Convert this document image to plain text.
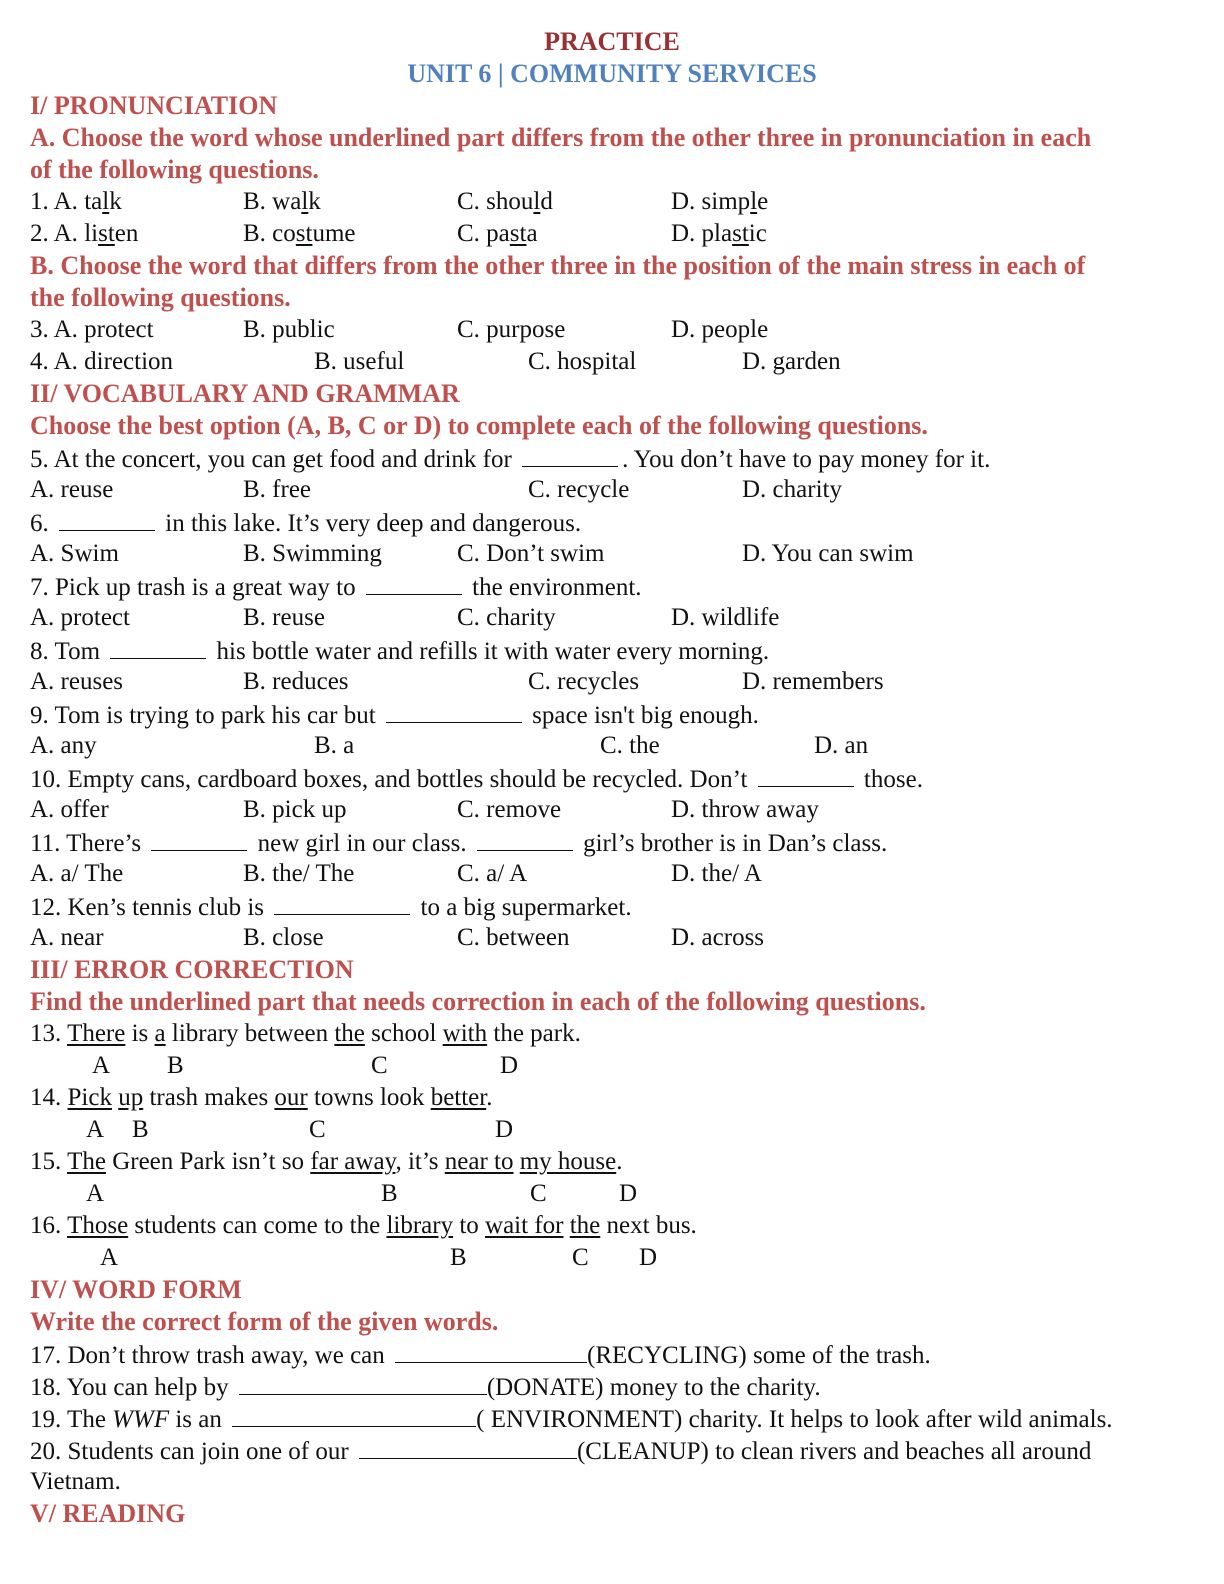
PRACTICE
UNIT 6 | COMMUNITY SERVICES
I/ PRONUNCIATION
A. Choose the word whose underlined part differs from the other three in pronunciation in each
of the following questions.
1. A. talk	B. walk	C. should	D. simple
2. A. listen	B. costume	C. pasta	D. plastic
B. Choose the word that differs from the other three in the position of the main stress in each of
the following questions.
3. A. protect	B. public	C. purpose	D. people
4. A. direction	B. useful	C. hospital	D. garden
II/ VOCABULARY AND GRAMMAR
Choose the best option (A, B, C or D) to complete each of the following questions.
5. At the concert, you can get food and drink for	. You don’t have to pay money for it.
A. reuse	B. free	C. recycle	D. charity
6.	in this lake. It’s very deep and dangerous.
A. Swim	B. Swimming	C. Don’t swim	D. You can swim
7. Pick up trash is a great way to	the environment.
A. protect	B. reuse	C. charity	D. wildlife
8. Tom	his bottle water and refills it with water every morning.
A. reuses	B. reduces	C. recycles	D. remembers
9. Tom is trying to park his car but	space isn't big enough.
A. any	B. a	C. the	D. an
10. Empty cans, cardboard boxes, and bottles should be recycled. Don’t	those.
A. offer	B. pick up	C. remove	D. throw away
11. There’s	new girl in our class.	girl’s brother is in Dan’s class.
A. a/ The	B. the/ The	C. a/ A	D. the/ A
12. Ken’s tennis club is	to a big supermarket.
A. near	B. close	C. between	D. across
III/ ERROR CORRECTION
Find the underlined part that needs correction in each of the following questions.
13. There is a library between the school with the park.
A B	C	D
14. Pick up trash makes our towns look better.
A B	C	D
15. The Green Park isn’t so far away, it’s near to my house.
A	B	C	D
16. Those students can come to the library to wait for the next bus.
A	B	C D
IV/ WORD FORM
Write the correct form of the given words.
17. Don’t throw trash away, we can	(RECYCLING) some of the trash.
18. You can help by	(DONATE) money to the charity.
19. The WWF is an	( ENVIRONMENT) charity. It helps to look after wild animals.
20. Students can join one of our	(CLEANUP) to clean rivers and beaches all around
Vietnam.
V/ READING
